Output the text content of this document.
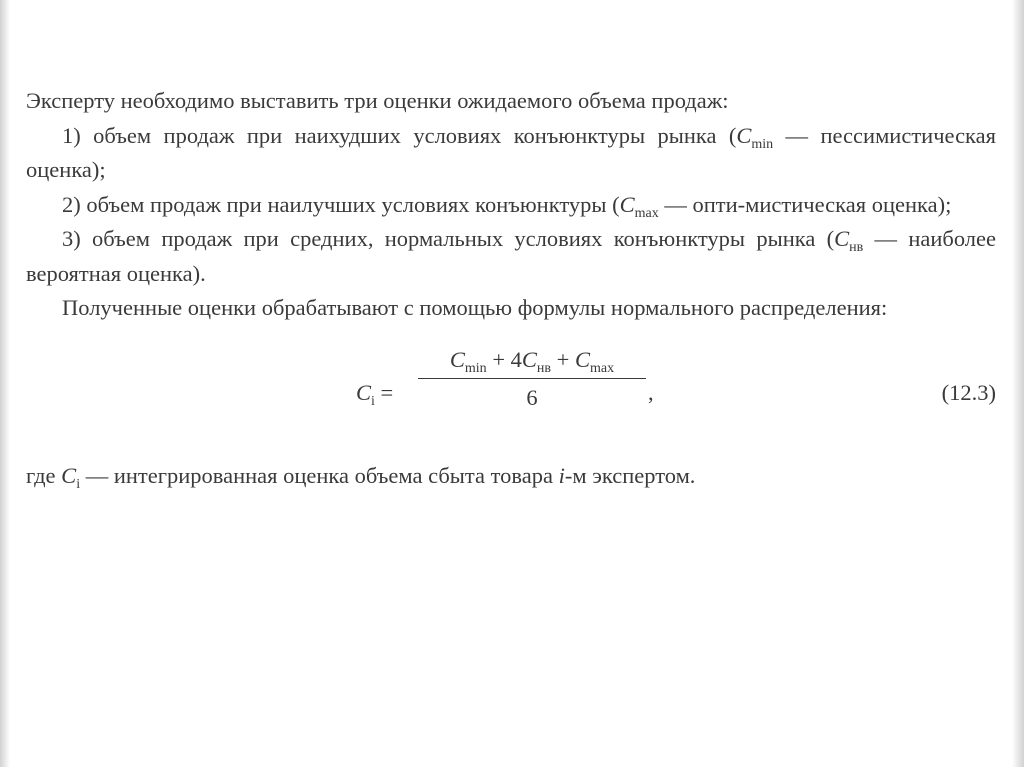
Эксперту необходимо выставить три оценки ожидаемого объема продаж:

1) объем продаж при наихудших условиях конъюнктуры рынка ($C_{min}$ — пессимистическая оценка);

2) объем продаж при наилучших условиях конъюнктуры ($C_{max}$ — опти-мистическая оценка);

3) объем продаж при средних, нормальных условиях конъюнктуры рынка ($C_{нв}$ — наиболее вероятная оценка).

Полученные оценки обрабатывают с помощью формулы нормального распределения:

$C_i$ =
$C_{min} + 4C_{нв} + C_{max}$
6	,	(12.3)

где $C_i$ — интегрированная оценка объема сбыта товара i-м экспертом.
